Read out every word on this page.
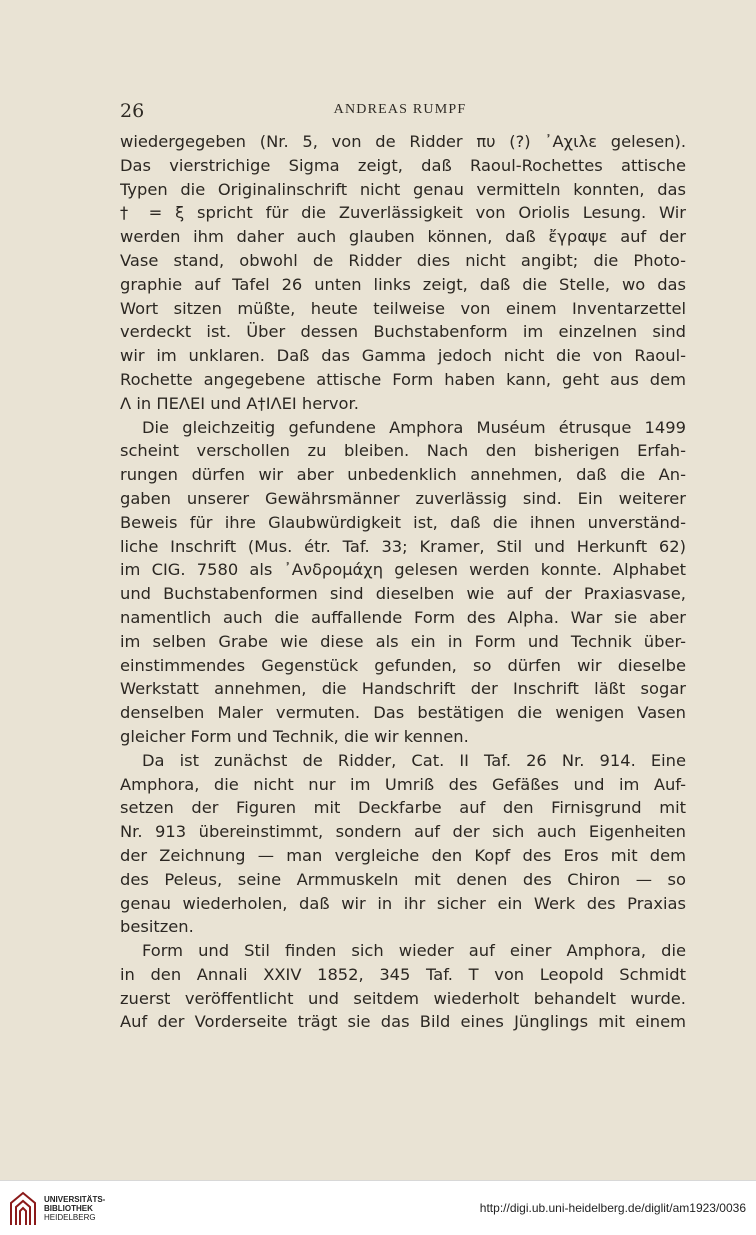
26	ANDREAS RUMPF
wiedergegeben (Nr. 5, von de Ridder πυ (?) ᾿Αχιλε gelesen).
Das vierstrichige Sigma zeigt, daß Raoul-Rochettes attische
Typen die Originalinschrift nicht genau vermitteln konnten, das
† = ξ spricht für die Zuverlässigkeit von Oriolis Lesung. Wir
werden ihm daher auch glauben können, daß ἔγραψε auf der
Vase stand, obwohl de Ridder dies nicht angibt; die Photo-
graphie auf Tafel 26 unten links zeigt, daß die Stelle, wo das
Wort sitzen müßte, heute teilweise von einem Inventarzettel
verdeckt ist. Über dessen Buchstabenform im einzelnen sind
wir im unklaren. Daß das Gamma jedoch nicht die von Raoul-
Rochette angegebene attische Form haben kann, geht aus dem
Λ in ΠΕΛΕΙ und Α†ΙΛΕΙ hervor.
Die gleichzeitig gefundene Amphora Muséum étrusque 1499
scheint verschollen zu bleiben. Nach den bisherigen Erfah-
rungen dürfen wir aber unbedenklich annehmen, daß die An-
gaben unserer Gewährsmänner zuverlässig sind. Ein weiterer
Beweis für ihre Glaubwürdigkeit ist, daß die ihnen unverständ-
liche Inschrift (Mus. étr. Taf. 33; Kramer, Stil und Herkunft 62)
im CIG. 7580 als ᾿Ανδρομάχη gelesen werden konnte. Alphabet
und Buchstabenformen sind dieselben wie auf der Praxiasvase,
namentlich auch die auffallende Form des Alpha. War sie aber
im selben Grabe wie diese als ein in Form und Technik über-
einstimmendes Gegenstück gefunden, so dürfen wir dieselbe
Werkstatt annehmen, die Handschrift der Inschrift läßt sogar
denselben Maler vermuten. Das bestätigen die wenigen Vasen
gleicher Form und Technik, die wir kennen.
Da ist zunächst de Ridder, Cat. II Taf. 26 Nr. 914. Eine
Amphora, die nicht nur im Umriß des Gefäßes und im Auf-
setzen der Figuren mit Deckfarbe auf den Firnisgrund mit
Nr. 913 übereinstimmt, sondern auf der sich auch Eigenheiten
der Zeichnung — man vergleiche den Kopf des Eros mit dem
des Peleus, seine Armmuskeln mit denen des Chiron — so
genau wiederholen, daß wir in ihr sicher ein Werk des Praxias
besitzen.
Form und Stil finden sich wieder auf einer Amphora, die
in den Annali XXIV 1852, 345 Taf. T von Leopold Schmidt
zuerst veröffentlicht und seitdem wiederholt behandelt wurde.
Auf der Vorderseite trägt sie das Bild eines Jünglings mit einem
UNIVERSITÄTS-
BIBLIOTHEK
HEIDELBERG
http://digi.ub.uni-heidelberg.de/diglit/am1923/0036
